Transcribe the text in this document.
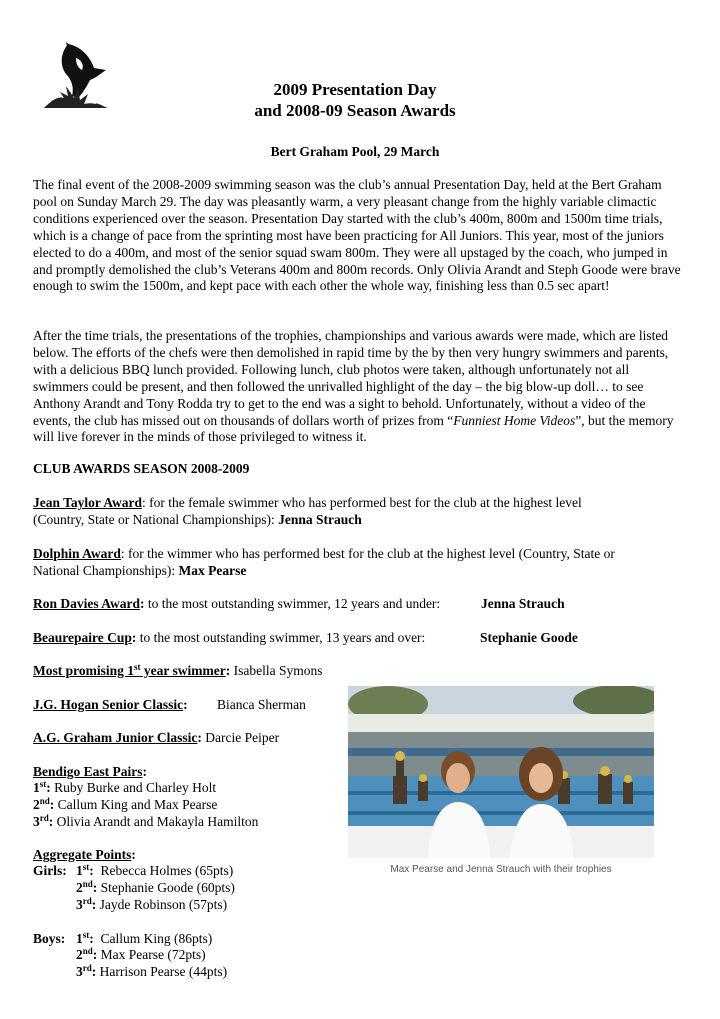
2009 Presentation Day
and 2008-09 Season Awards
Bert Graham Pool, 29 March

The final event of the 2008-2009 swimming season was the club’s annual Presentation Day, held at the Bert Graham pool on Sunday March 29. The day was pleasantly warm, a very pleasant change from the highly variable climactic conditions experienced over the season. Presentation Day started with the club’s 400m, 800m and 1500m time trials, which is a change of pace from the sprinting most have been practicing for All Juniors. This year, most of the juniors elected to do a 400m, and most of the senior squad swam 800m. They were all upstaged by the coach, who jumped in and promptly demolished the club’s Veterans 400m and 800m records. Only Olivia Arandt and Steph Goode were brave enough to swim the 1500m, and kept pace with each other the whole way, finishing less than 0.5 sec apart!

After the time trials, the presentations of the trophies, championships and various awards were made, which are listed below. The efforts of the chefs were then demolished in rapid time by the by then very hungry swimmers and parents, with a delicious BBQ lunch provided. Following lunch, club photos were taken, although unfortunately not all swimmers could be present, and then followed the unrivalled highlight of the day – the big blow-up doll… to see Anthony Arandt and Tony Rodda try to get to the end was a sight to behold. Unfortunately, without a video of the events, the club has missed out on thousands of dollars worth of prizes from “Funniest Home Videos”, but the memory will live forever in the minds of those privileged to witness it.

CLUB AWARDS SEASON 2008-2009
Jean Taylor Award: for the female swimmer who has performed best for the club at the highest level
(Country, State or National Championships): Jenna Strauch
Dolphin Award: for the wimmer who has performed best for the club at the highest level (Country, State or
National Championships): Max Pearse
Ron Davies Award: to the most outstanding swimmer, 12 years and under:	Jenna Strauch
Beaurepaire Cup: to the most outstanding swimmer, 13 years and over:	Stephanie Goode
Most promising 1st year swimmer: Isabella Symons
J.G. Hogan Senior Classic: Bianca Sherman
A.G. Graham Junior Classic: Darcie Peiper
Bendigo East Pairs:
1st: Ruby Burke and Charley Holt
2nd: Callum King and Max Pearse
3rd: Olivia Arandt and Makayla Hamilton
Aggregate Points:
Girls: 1st: Rebecca Holmes (65pts)
2nd: Stephanie Goode (60pts)
3rd: Jayde Robinson (57pts)
Boys: 1st: Callum King (86pts)
2nd: Max Pearse (72pts)
3rd: Harrison Pearse (44pts)
Max Pearse and Jenna Strauch with their trophies
